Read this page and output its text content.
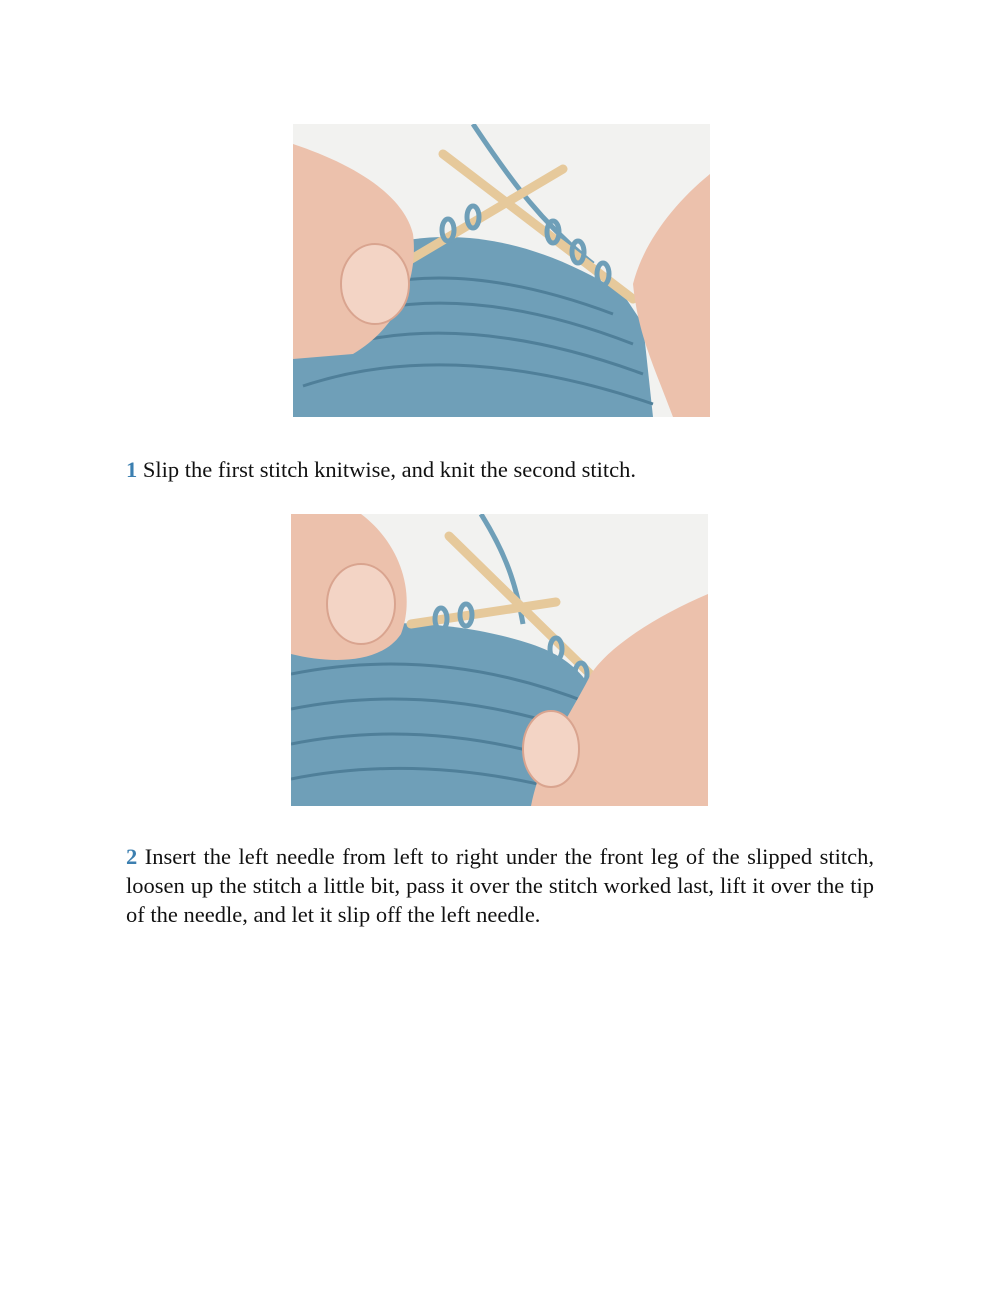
1 Slip the first stitch knitwise, and knit the second stitch.
2 Insert the left needle from left to right under the front leg of the slipped stitch, loosen up the stitch a little bit, pass it over the stitch worked last, lift it over the tip of the needle, and let it slip off the left needle.
